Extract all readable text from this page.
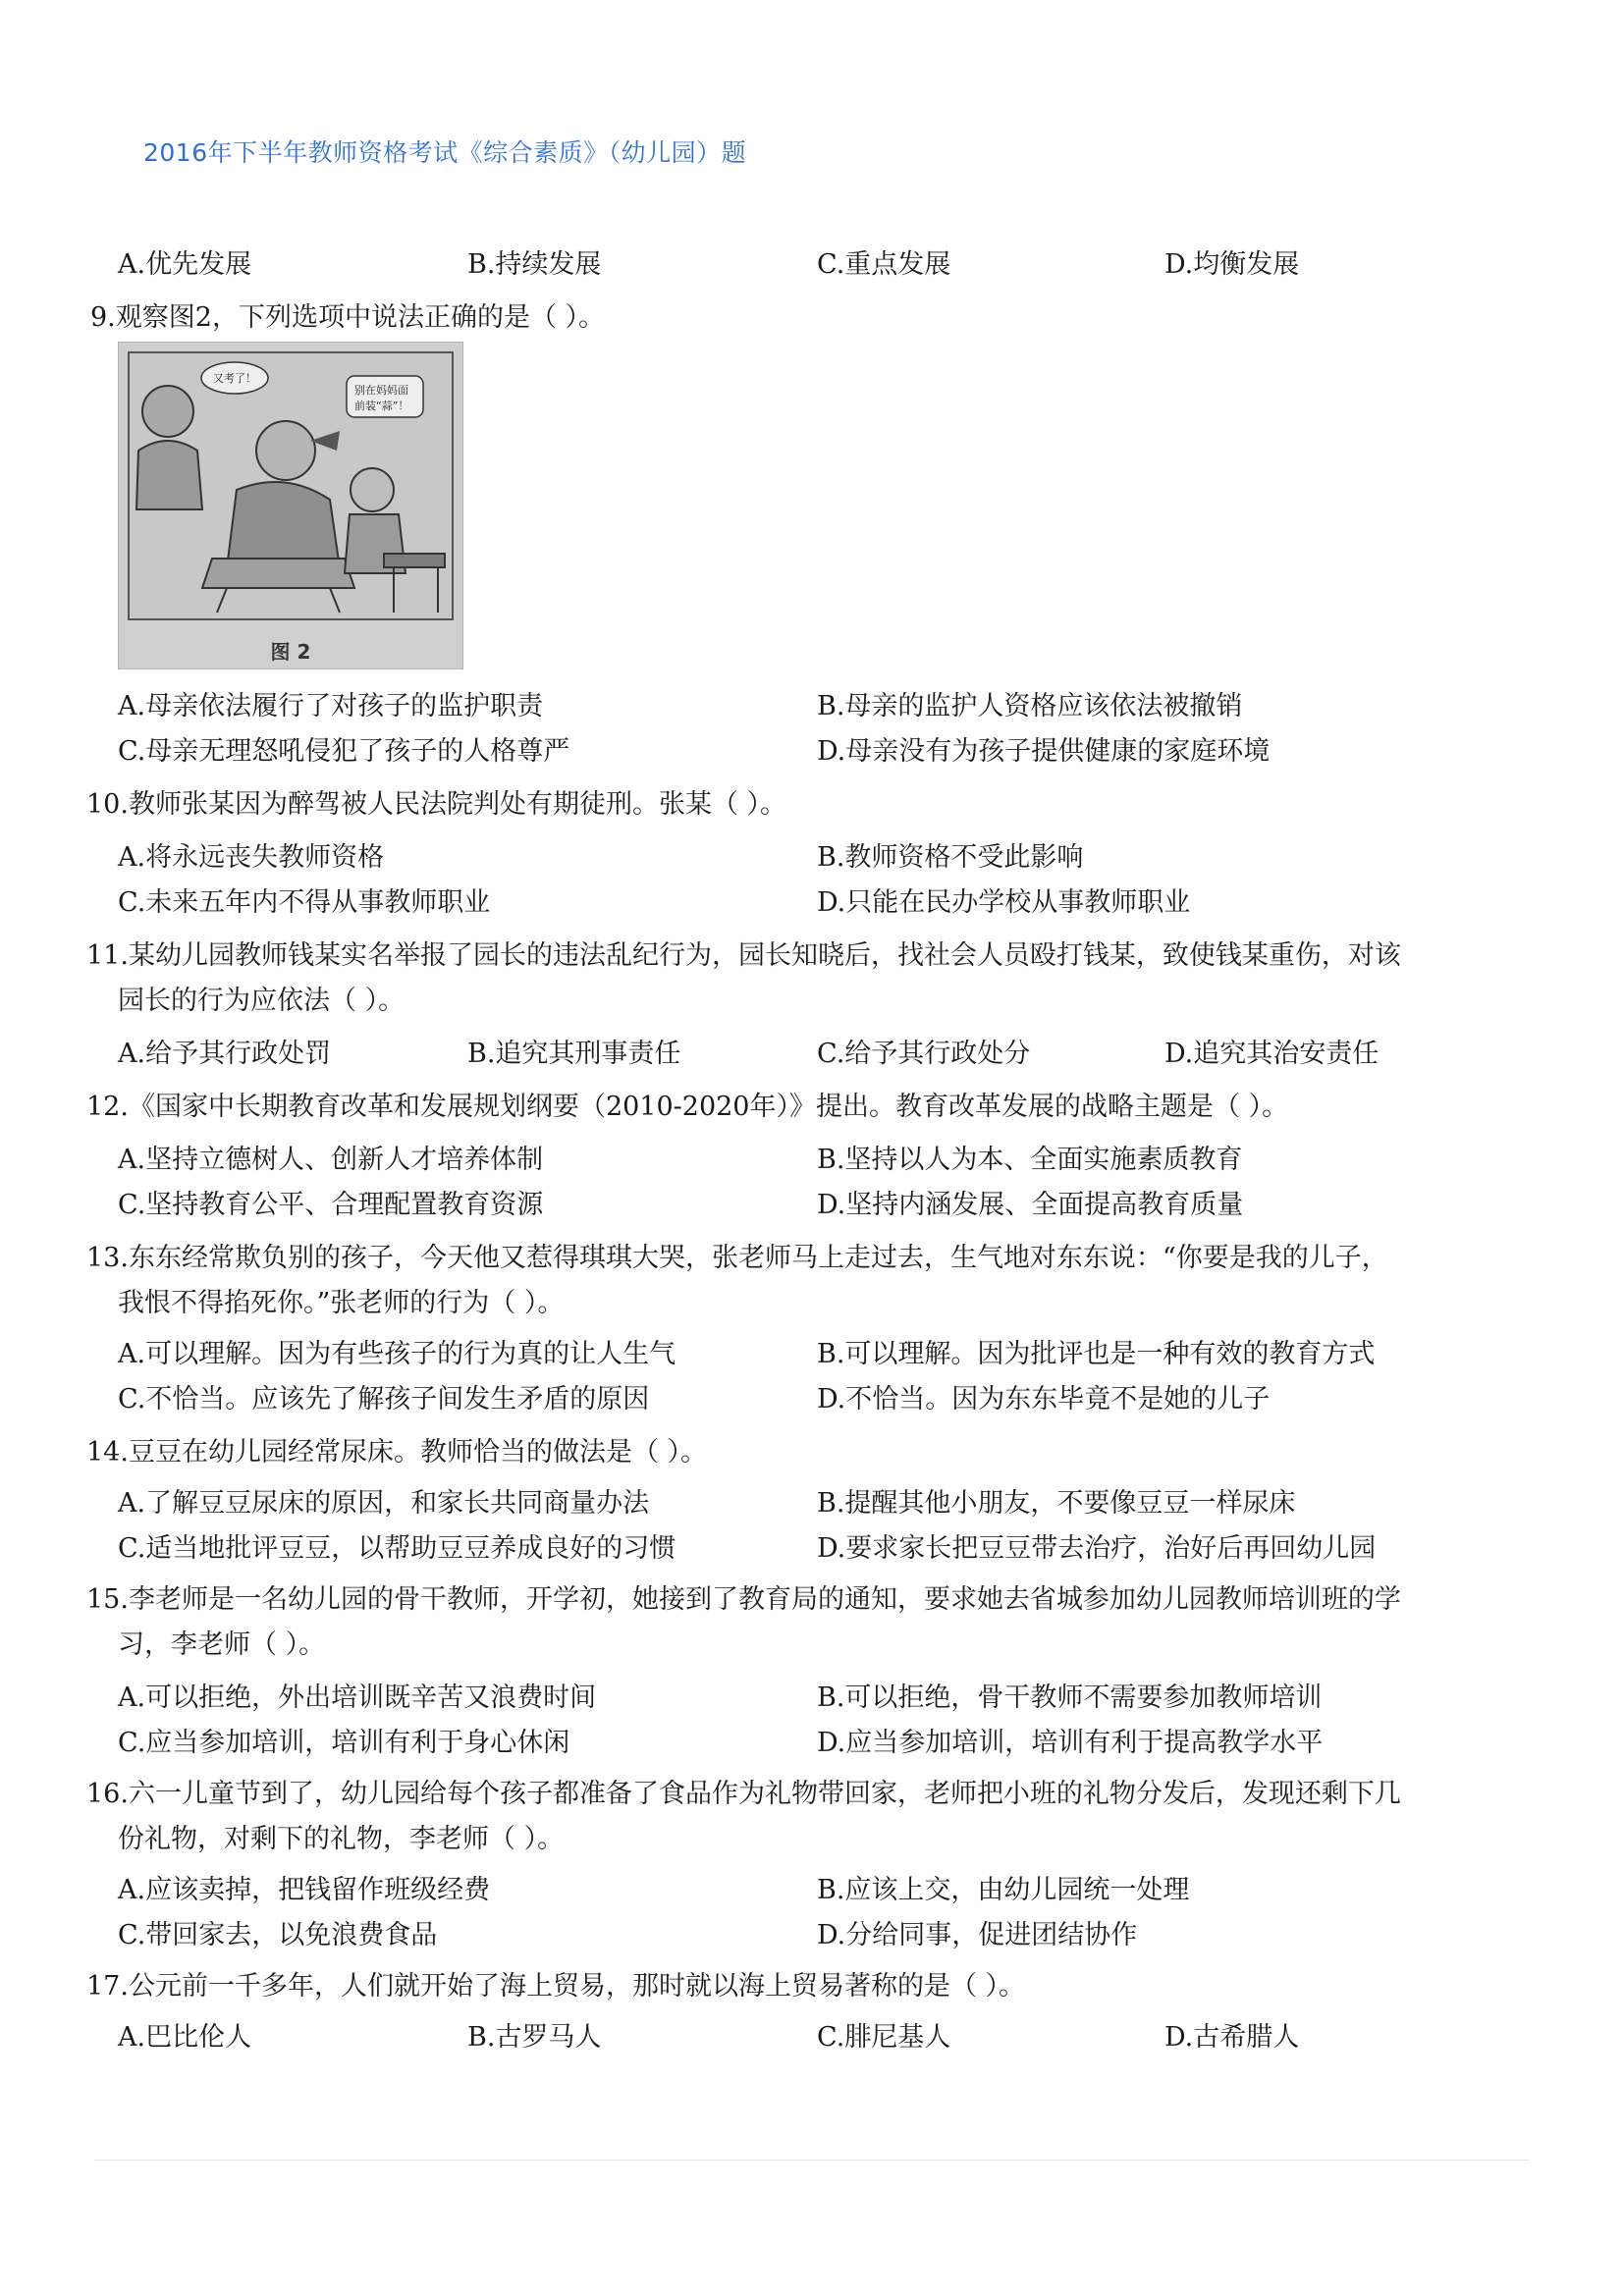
2016年下半年教师资格考试《综合素质》（幼儿园）题
A.优先发展	B.持续发展	C.重点发展	D.均衡发展
9.观察图2，下列选项中说法正确的是（ ）。
又考了！
别在妈妈面
前装“蒜”！
图 2
A.母亲依法履行了对孩子的监护职责	B.母亲的监护人资格应该依法被撤销
C.母亲无理怒吼侵犯了孩子的人格尊严	D.母亲没有为孩子提供健康的家庭环境
10.教师张某因为醉驾被人民法院判处有期徒刑。张某（ ）。
A.将永远丧失教师资格	B.教师资格不受此影响
C.未来五年内不得从事教师职业	D.只能在民办学校从事教师职业
11.某幼儿园教师钱某实名举报了园长的违法乱纪行为，园长知晓后，找社会人员殴打钱某，致使钱某重伤，对该
园长的行为应依法（ ）。
A.给予其行政处罚	B.追究其刑事责任	C.给予其行政处分	D.追究其治安责任
12.《国家中长期教育改革和发展规划纲要（2010-2020年）》提出。教育改革发展的战略主题是（ ）。
A.坚持立德树人、创新人才培养体制	B.坚持以人为本、全面实施素质教育
C.坚持教育公平、合理配置教育资源	D.坚持内涵发展、全面提高教育质量
13.东东经常欺负别的孩子，今天他又惹得琪琪大哭，张老师马上走过去，生气地对东东说：“你要是我的儿子，
我恨不得掐死你。”张老师的行为（ ）。
A.可以理解。因为有些孩子的行为真的让人生气	B.可以理解。因为批评也是一种有效的教育方式
C.不恰当。应该先了解孩子间发生矛盾的原因	D.不恰当。因为东东毕竟不是她的儿子
14.豆豆在幼儿园经常尿床。教师恰当的做法是（ ）。
A.了解豆豆尿床的原因，和家长共同商量办法	B.提醒其他小朋友，不要像豆豆一样尿床
C.适当地批评豆豆，以帮助豆豆养成良好的习惯	D.要求家长把豆豆带去治疗，治好后再回幼儿园
15.李老师是一名幼儿园的骨干教师，开学初，她接到了教育局的通知，要求她去省城参加幼儿园教师培训班的学
习，李老师（ ）。
A.可以拒绝，外出培训既辛苦又浪费时间	B.可以拒绝，骨干教师不需要参加教师培训
C.应当参加培训，培训有利于身心休闲	D.应当参加培训，培训有利于提高教学水平
16.六一儿童节到了，幼儿园给每个孩子都准备了食品作为礼物带回家，老师把小班的礼物分发后，发现还剩下几
份礼物，对剩下的礼物，李老师（ ）。
A.应该卖掉，把钱留作班级经费	B.应该上交，由幼儿园统一处理
C.带回家去，以免浪费食品	D.分给同事，促进团结协作
17.公元前一千多年，人们就开始了海上贸易，那时就以海上贸易著称的是（ ）。
A.巴比伦人	B.古罗马人	C.腓尼基人	D.古希腊人
